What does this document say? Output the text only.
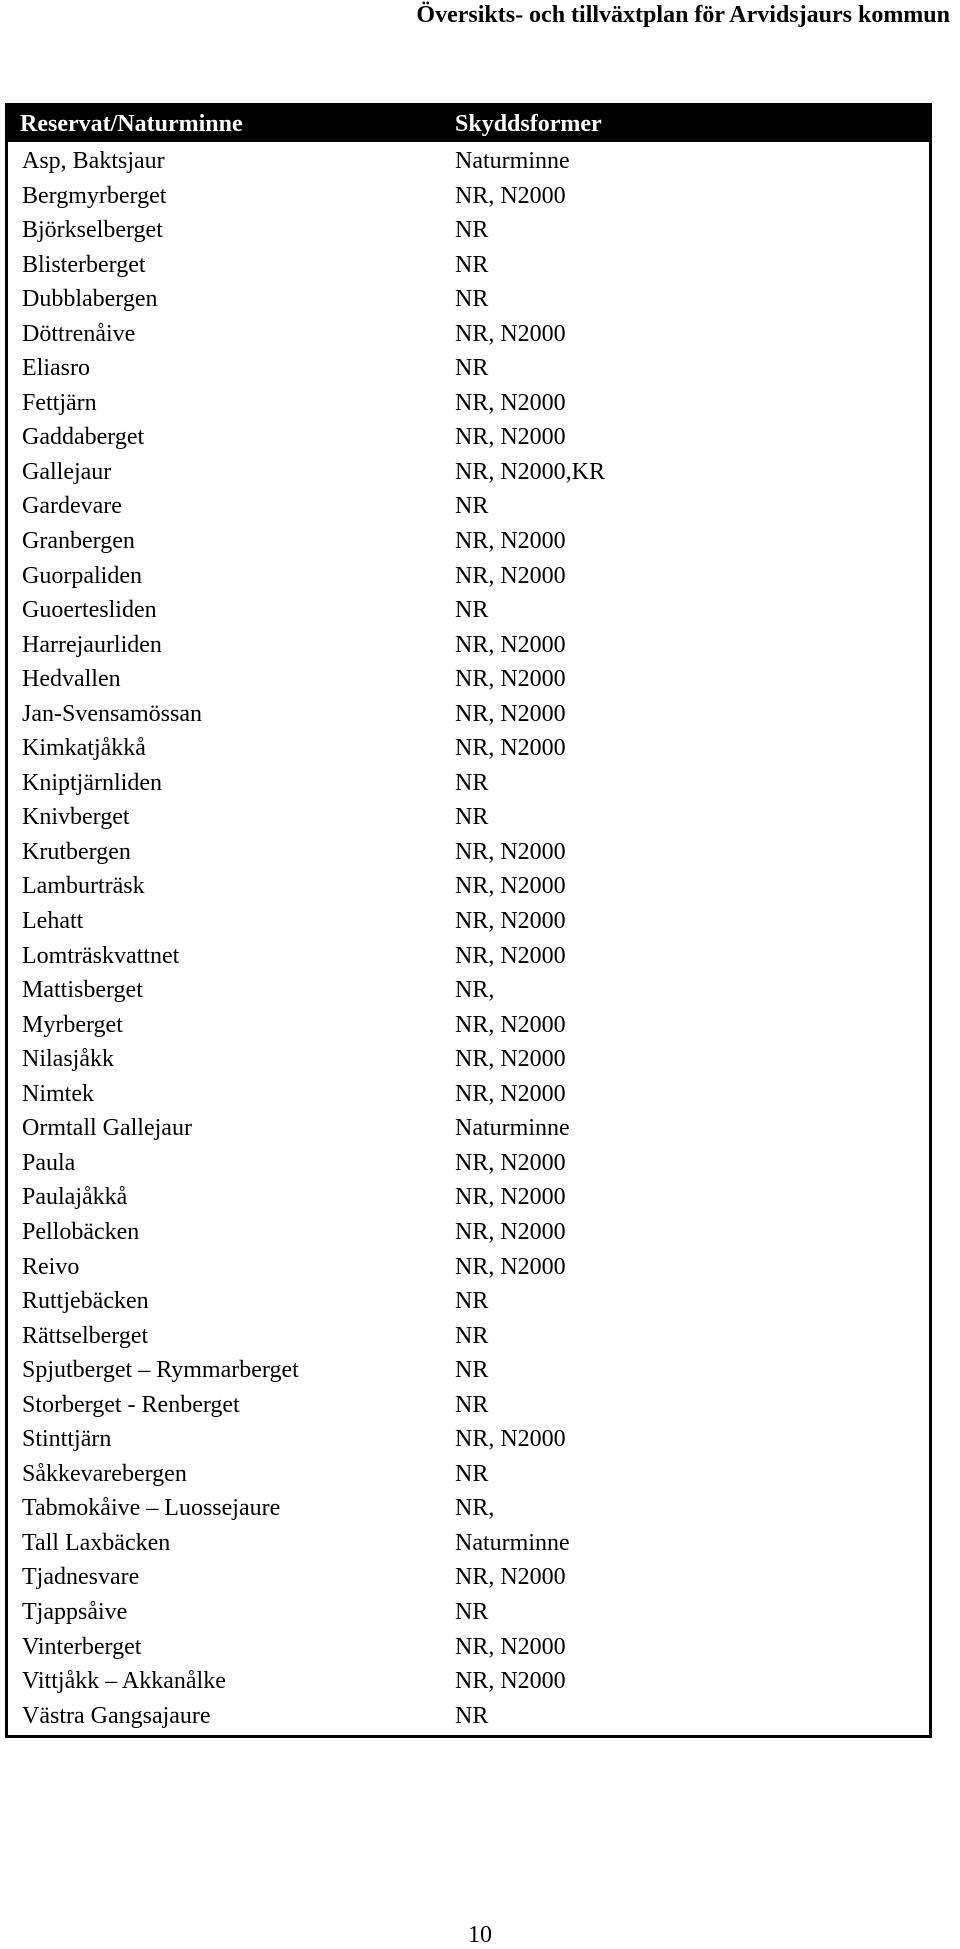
Översikts- och tillväxtplan för Arvidsjaurs kommun
Reservat/Naturminne	Skyddsformer
Asp, Baktsjaur	Naturminne
Bergmyrberget	NR, N2000
Björkselberget	NR
Blisterberget	NR
Dubblabergen	NR
Döttrenåive	NR, N2000
Eliasro	NR
Fettjärn	NR, N2000
Gaddaberget	NR, N2000
Gallejaur	NR, N2000,KR
Gardevare	NR
Granbergen	NR, N2000
Guorpaliden	NR, N2000
Guoertesliden	NR
Harrejaurliden	NR, N2000
Hedvallen	NR, N2000
Jan-Svensamössan	NR, N2000
Kimkatjåkkå	NR, N2000
Kniptjärnliden	NR
Knivberget	NR
Krutbergen	NR, N2000
Lamburträsk	NR, N2000
Lehatt	NR, N2000
Lomträskvattnet	NR, N2000
Mattisberget	NR,
Myrberget	NR, N2000
Nilasjåkk	NR, N2000
Nimtek	NR, N2000
Ormtall Gallejaur	Naturminne
Paula	NR, N2000
Paulajåkkå	NR, N2000
Pellobäcken	NR, N2000
Reivo	NR, N2000
Ruttjebäcken	NR
Rättselberget	NR
Spjutberget – Rymmarberget	NR
Storberget - Renberget	NR
Stinttjärn	NR, N2000
Såkkevarebergen	NR
Tabmokåive – Luossejaure	NR,
Tall Laxbäcken	Naturminne
Tjadnesvare	NR, N2000
Tjappsåive	NR
Vinterberget	NR, N2000
Vittjåkk – Akkanålke	NR, N2000
Västra Gangsajaure	NR
10
